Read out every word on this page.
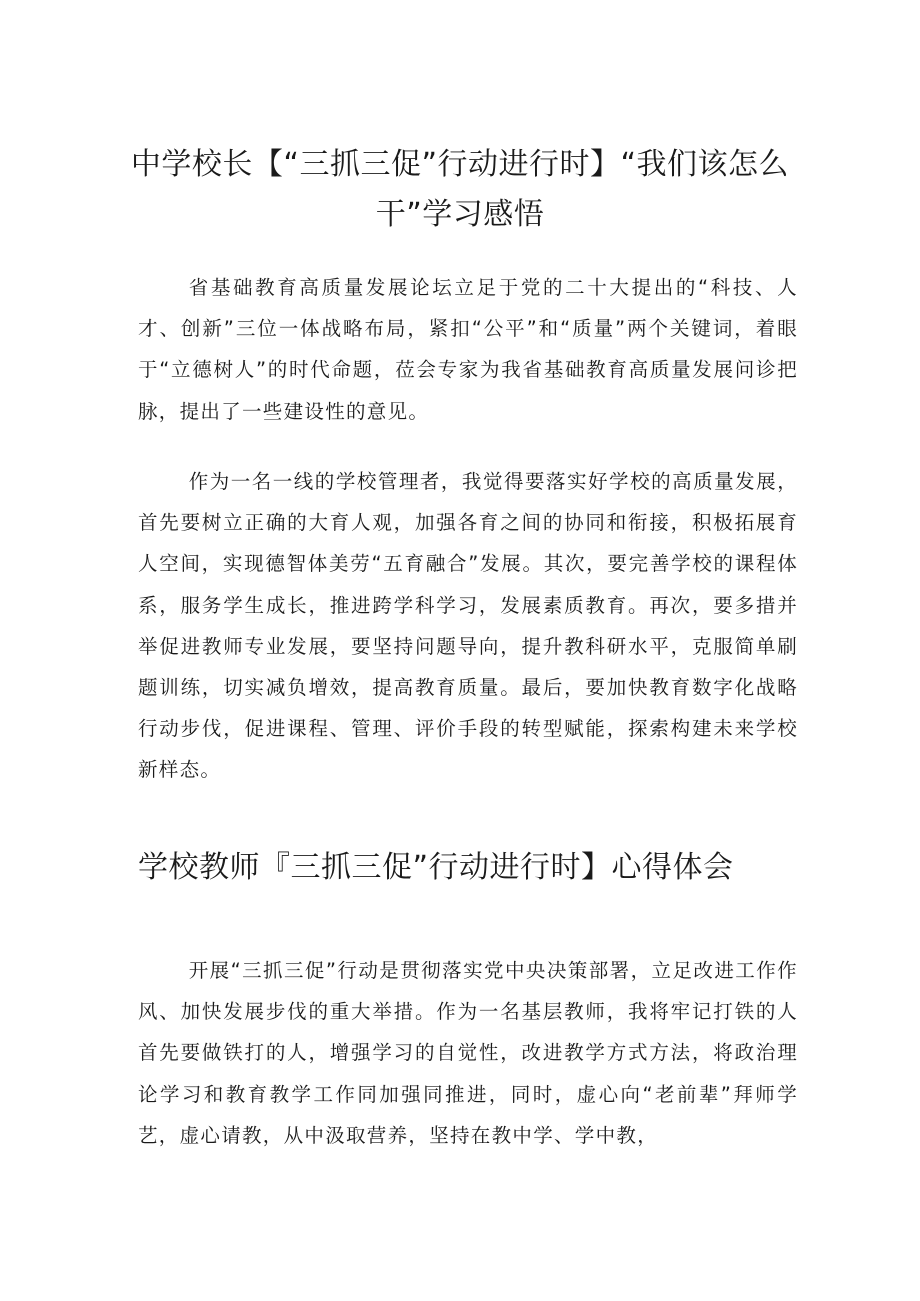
中学校长【“三抓三促”行动进行时】“我们该怎么干”学习感悟

省基础教育高质量发展论坛立足于党的二十大提出的“科技、人才、创新”三位一体战略布局，紧扣“公平”和“质量”两个关键词，着眼于“立德树人”的时代命题，莅会专家为我省基础教育高质量发展问诊把脉，提出了一些建设性的意见。

作为一名一线的学校管理者，我觉得要落实好学校的高质量发展，首先要树立正确的大育人观，加强各育之间的协同和衔接，积极拓展育人空间，实现德智体美劳“五育融合”发展。其次，要完善学校的课程体系，服务学生成长，推进跨学科学习，发展素质教育。再次，要多措并举促进教师专业发展，要坚持问题导向，提升教科研水平，克服简单刷题训练，切实减负增效，提高教育质量。最后，要加快教育数字化战略行动步伐，促进课程、管理、评价手段的转型赋能，探索构建未来学校新样态。

学校教师『三抓三促”行动进行时】心得体会

开展“三抓三促”行动是贯彻落实党中央决策部署，立足改进工作作风、加快发展步伐的重大举措。作为一名基层教师，我将牢记打铁的人首先要做铁打的人，增强学习的自觉性，改进教学方式方法，将政治理论学习和教育教学工作同加强同推进，同时，虚心向“老前辈”拜师学艺，虚心请教，从中汲取营养，坚持在教中学、学中教，
